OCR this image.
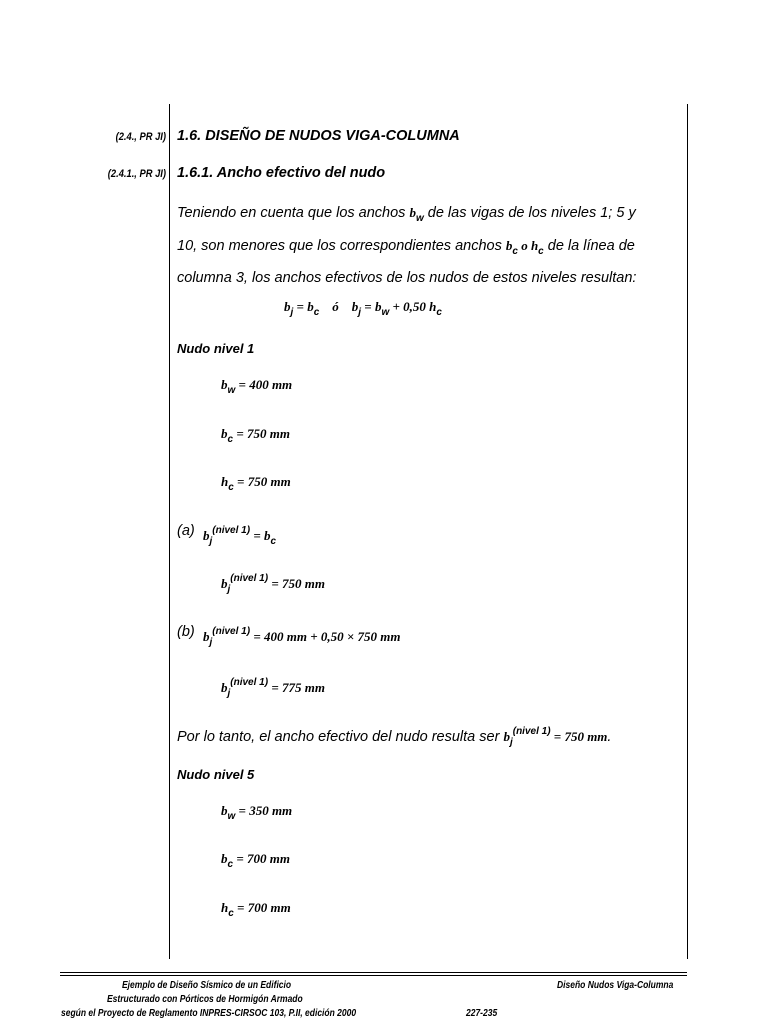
(2.4., PR JI) 1.6. DISEÑO DE NUDOS VIGA-COLUMNA
(2.4.1., PR JI) 1.6.1. Ancho efectivo del nudo
Teniendo en cuenta que los anchos $b_w$ de las vigas de los niveles 1; 5 y
10, son menores que los correspondientes anchos $b_c$ o $h_c$ de la línea de
columna 3, los anchos efectivos de los nudos de estos niveles resultan:
$b_j = b_c$ ó $b_j = b_w + 0,50$ $h_c$
Nudo nivel 1
$b_w = 400$ mm
$b_c = 750$ mm
$h_c = 750$ mm
(a) $b_j^{(nivel 1)} = b_c$
$b_j^{(nivel 1)} = 750$ mm
(b) $b_j^{(nivel 1)} = 400$ mm + 0,50 × 750 mm
$b_j^{(nivel 1)} = 775$ mm
Por lo tanto, el ancho efectivo del nudo resulta ser $b_j^{(nivel 1)} = 750$ mm.
Nudo nivel 5
$b_w = 350$ mm
$b_c = 700$ mm
$h_c = 700$ mm
Ejemplo de Diseño Sísmico de un Edificio
Estructurado con Pórticos de Hormigón Armado
según el Proyecto de Reglamento INPRES-CIRSOC 103, P.II, edición 2000
Diseño Nudos Viga-Columna
227-235
